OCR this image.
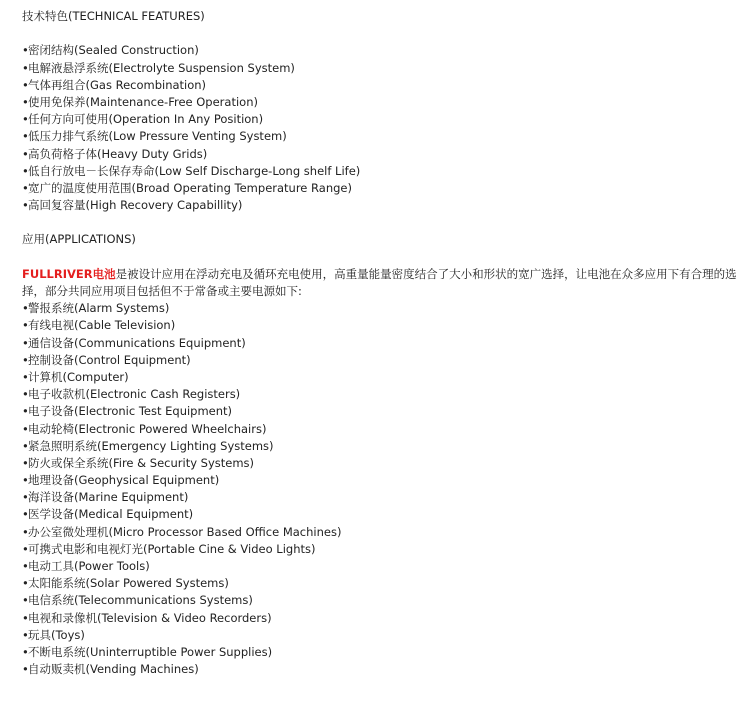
技术特色(TECHNICAL FEATURES)
•密闭结构(Sealed Construction)
•电解液悬浮系统(Electrolyte Suspension System)
•气体再组合(Gas Recombination)
•使用免保养(Maintenance-Free Operation)
•任何方向可使用(Operation In Any Position)
•低压力排气系统(Low Pressure Venting System)
•高负荷格子体(Heavy Duty Grids)
•低自行放电－长保存寿命(Low Self Discharge-Long shelf Life)
•宽广的温度使用范围(Broad Operating Temperature Range)
•高回复容量(High Recovery Capabillity)
应用(APPLICATIONS)

FULLRIVER电池是被设计应用在浮动充电及循环充电使用，高重量能量密度结合了大小和形状的宽广选择，让电池在众多应用下有合理的选择，部分共同应用项目包括但不于常备或主要电源如下:

•警报系统(Alarm Systems)
•有线电视(Cable Television)
•通信设备(Communications Equipment)
•控制设备(Control Equipment)
•计算机(Computer)
•电子收款机(Electronic Cash Registers)
•电子设备(Electronic Test Equipment)
•电动轮椅(Electronic Powered Wheelchairs)
•紧急照明系统(Emergency Lighting Systems)
•防火或保全系统(Fire & Security Systems)
•地理设备(Geophysical Equipment)
•海洋设备(Marine Equipment)
•医学设备(Medical Equipment)
•办公室微处理机(Micro Processor Based Office Machines)
•可携式电影和电视灯光(Portable Cine & Video Lights)
•电动工具(Power Tools)
•太阳能系统(Solar Powered Systems)
•电信系统(Telecommunications Systems)
•电视和录像机(Television & Video Recorders)
•玩具(Toys)
•不断电系统(Uninterruptible Power Supplies)
•自动贩卖机(Vending Machines)
